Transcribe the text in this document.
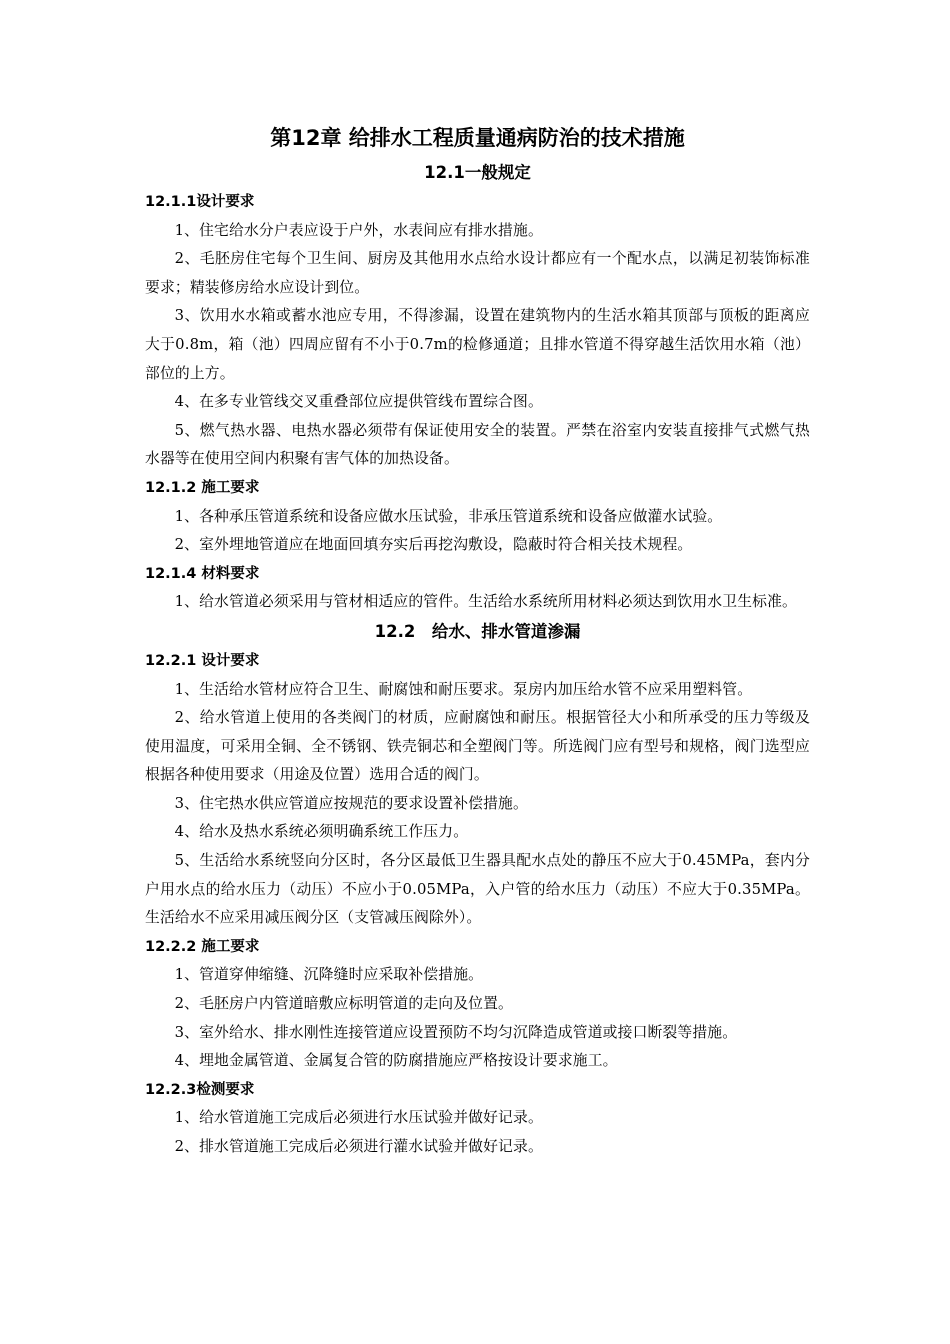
第12章 给排水工程质量通病防治的技术措施
12.1一般规定
12.1.1设计要求

1、住宅给水分户表应设于户外，水表间应有排水措施。

2、毛胚房住宅每个卫生间、厨房及其他用水点给水设计都应有一个配水点，以满足初装饰标准要求；精装修房给水应设计到位。

3、饮用水水箱或蓄水池应专用，不得渗漏，设置在建筑物内的生活水箱其顶部与顶板的距离应大于0.8m，箱（池）四周应留有不小于0.7m的检修通道；且排水管道不得穿越生活饮用水箱（池）部位的上方。

4、在多专业管线交叉重叠部位应提供管线布置综合图。

5、燃气热水器、电热水器必须带有保证使用安全的装置。严禁在浴室内安装直接排气式燃气热水器等在使用空间内积聚有害气体的加热设备。

12.1.2 施工要求

1、各种承压管道系统和设备应做水压试验，非承压管道系统和设备应做灌水试验。

2、室外埋地管道应在地面回填夯实后再挖沟敷设，隐蔽时符合相关技术规程。

12.1.4 材料要求

1、给水管道必须采用与管材相适应的管件。生活给水系统所用材料必须达到饮用水卫生标准。

12.2　给水、排水管道渗漏
12.2.1 设计要求

1、生活给水管材应符合卫生、耐腐蚀和耐压要求。泵房内加压给水管不应采用塑料管。

2、给水管道上使用的各类阀门的材质，应耐腐蚀和耐压。根据管径大小和所承受的压力等级及使用温度，可采用全铜、全不锈钢、铁壳铜芯和全塑阀门等。所选阀门应有型号和规格，阀门选型应根据各种使用要求（用途及位置）选用合适的阀门。

3、住宅热水供应管道应按规范的要求设置补偿措施。

4、给水及热水系统必须明确系统工作压力。

5、生活给水系统竖向分区时，各分区最低卫生器具配水点处的静压不应大于0.45MPa，套内分户用水点的给水压力（动压）不应小于0.05MPa，入户管的给水压力（动压）不应大于0.35MPa。生活给水不应采用减压阀分区（支管减压阀除外）。

12.2.2 施工要求

1、管道穿伸缩缝、沉降缝时应采取补偿措施。

2、毛胚房户内管道暗敷应标明管道的走向及位置。

3、室外给水、排水刚性连接管道应设置预防不均匀沉降造成管道或接口断裂等措施。

4、埋地金属管道、金属复合管的防腐措施应严格按设计要求施工。

12.2.3检测要求

1、给水管道施工完成后必须进行水压试验并做好记录。

2、排水管道施工完成后必须进行灌水试验并做好记录。
